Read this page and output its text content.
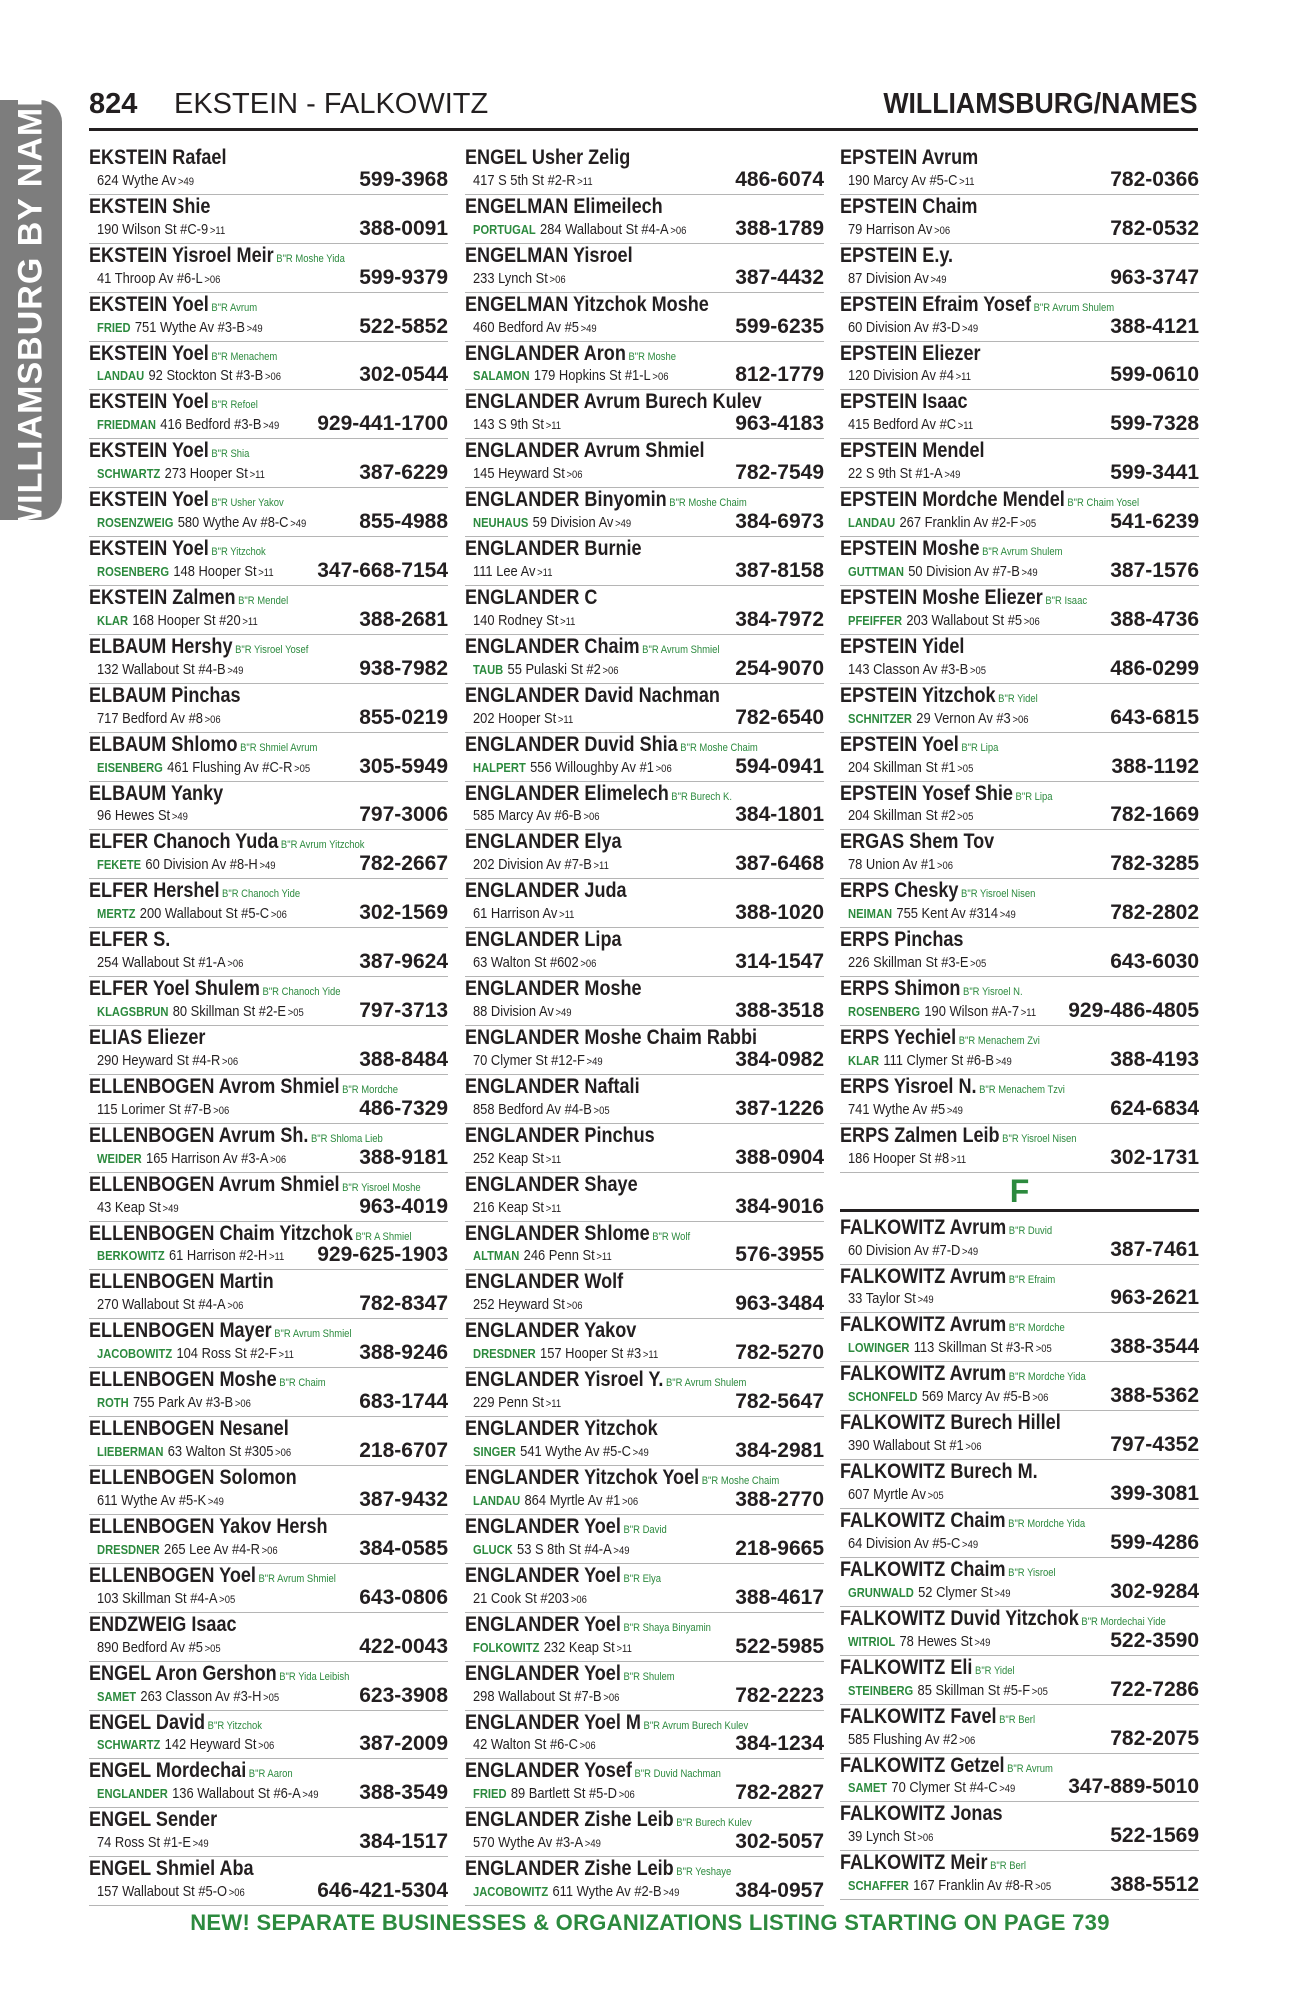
WILLIAMSBURG BY NAME 824 EKSTEIN - FALKOWITZ	WILLIAMSBURG/NAMES
EKSTEIN Rafael
624 Wythe Av >49	599-3968
EKSTEIN Shie
190 Wilson St #C-9 >11	388-0091
EKSTEIN Yisroel Meir B"R Moshe Yida
41 Throop Av #6-L >06	599-9379
EKSTEIN Yoel B"R Avrum
FRIED 751 Wythe Av #3-B >49	522-5852
EKSTEIN Yoel B"R Menachem
LANDAU 92 Stockton St #3-B >06	302-0544
EKSTEIN Yoel B"R Refoel
FRIEDMAN 416 Bedford #3-B >49 929-441-1700
EKSTEIN Yoel B"R Shia
SCHWARTZ 273 Hooper St >11	387-6229
EKSTEIN Yoel B"R Usher Yakov
ROSENZWEIG 580 Wythe Av #8-C >49	855-4988
EKSTEIN Yoel B"R Yitzchok
ROSENBERG 148 Hooper St >11 347-668-7154
EKSTEIN Zalmen B"R Mendel
KLAR 168 Hooper St #20 >11	388-2681
ELBAUM Hershy B"R Yisroel Yosef
132 Wallabout St #4-B >49	938-7982
ELBAUM Pinchas
717 Bedford Av #8 >06	855-0219
ELBAUM Shlomo B"R Shmiel Avrum
EISENBERG 461 Flushing Av #C-R >05 305-5949
ELBAUM Yanky
96 Hewes St >49	797-3006
ELFER Chanoch Yuda B"R Avrum Yitzchok
FEKETE 60 Division Av #8-H >49	782-2667
ELFER Hershel B"R Chanoch Yide
MERTZ 200 Wallabout St #5-C >06	302-1569
ELFER S.
254 Wallabout St #1-A >06	387-9624
ELFER Yoel Shulem B"R Chanoch Yide
KLAGSBRUN 80 Skillman St #2-E >05	797-3713
ELIAS Eliezer
290 Heyward St #4-R >06	388-8484
ELLENBOGEN Avrom Shmiel B"R Mordche
115 Lorimer St #7-B >06	486-7329
ELLENBOGEN Avrum Sh. B"R Shloma Lieb
WEIDER 165 Harrison Av #3-A >06	388-9181
ELLENBOGEN Avrum Shmiel B"R Yisroel Moshe
43 Keap St >49	963-4019
ELLENBOGEN Chaim Yitzchok B"R A Shmiel
BERKOWITZ 61 Harrison #2-H >11 929-625-1903
ELLENBOGEN Martin
270 Wallabout St #4-A >06	782-8347
ELLENBOGEN Mayer B"R Avrum Shmiel
JACOBOWITZ 104 Ross St #2-F >11	388-9246
ELLENBOGEN Moshe B"R Chaim
ROTH 755 Park Av #3-B >06	683-1744
ELLENBOGEN Nesanel
LIEBERMAN 63 Walton St #305 >06	218-6707
ELLENBOGEN Solomon
611 Wythe Av #5-K >49	387-9432
ELLENBOGEN Yakov Hersh
DRESDNER 265 Lee Av #4-R >06	384-0585
ELLENBOGEN Yoel B"R Avrum Shmiel
103 Skillman St #4-A >05	643-0806
ENDZWEIG Isaac
890 Bedford Av #5 >05	422-0043
ENGEL Aron Gershon B"R Yida Leibish
SAMET 263 Classon Av #3-H >05	623-3908
ENGEL David B"R Yitzchok
SCHWARTZ 142 Heyward St >06	387-2009
ENGEL Mordechai B"R Aaron
ENGLANDER 136 Wallabout St #6-A >49 388-3549
ENGEL Sender
74 Ross St #1-E >49	384-1517
ENGEL Shmiel Aba
157 Wallabout St #5-O >06	646-421-5304
ENGEL Usher Zelig
417 S 5th St #2-R >11	486-6074
ENGELMAN Elimeilech
PORTUGAL 284 Wallabout St #4-A >06 388-1789
ENGELMAN Yisroel
233 Lynch St >06	387-4432
ENGELMAN Yitzchok Moshe
460 Bedford Av #5 >49	599-6235
ENGLANDER Aron B"R Moshe
SALAMON 179 Hopkins St #1-L >06	812-1779
ENGLANDER Avrum Burech Kulev
143 S 9th St >11	963-4183
ENGLANDER Avrum Shmiel
145 Heyward St >06	782-7549
ENGLANDER Binyomin B"R Moshe Chaim
NEUHAUS 59 Division Av >49	384-6973
ENGLANDER Burnie
111 Lee Av >11	387-8158
ENGLANDER C
140 Rodney St >11	384-7972
ENGLANDER Chaim B"R Avrum Shmiel
TAUB 55 Pulaski St #2 >06	254-9070
ENGLANDER David Nachman
202 Hooper St >11	782-6540
ENGLANDER Duvid Shia B"R Moshe Chaim
HALPERT 556 Willoughby Av #1 >06	594-0941
ENGLANDER Elimelech B"R Burech K.
585 Marcy Av #6-B >06	384-1801
ENGLANDER Elya
202 Division Av #7-B >11	387-6468
ENGLANDER Juda
61 Harrison Av >11	388-1020
ENGLANDER Lipa
63 Walton St #602 >06	314-1547
ENGLANDER Moshe
88 Division Av >49	388-3518
ENGLANDER Moshe Chaim Rabbi
70 Clymer St #12-F >49	384-0982
ENGLANDER Naftali
858 Bedford Av #4-B >05	387-1226
ENGLANDER Pinchus
252 Keap St >11	388-0904
ENGLANDER Shaye
216 Keap St >11	384-9016
ENGLANDER Shlome B"R Wolf
ALTMAN 246 Penn St >11	576-3955
ENGLANDER Wolf
252 Heyward St >06	963-3484
ENGLANDER Yakov
DRESDNER 157 Hooper St #3 >11	782-5270
ENGLANDER Yisroel Y. B"R Avrum Shulem
229 Penn St >11	782-5647
ENGLANDER Yitzchok
SINGER 541 Wythe Av #5-C >49	384-2981
ENGLANDER Yitzchok Yoel B"R Moshe Chaim
LANDAU 864 Myrtle Av #1 >06	388-2770
ENGLANDER Yoel B"R David
GLUCK 53 S 8th St #4-A >49	218-9665
ENGLANDER Yoel B"R Elya
21 Cook St #203 >06	388-4617
ENGLANDER Yoel B"R Shaya Binyamin
FOLKOWITZ 232 Keap St >11	522-5985
ENGLANDER Yoel B"R Shulem
298 Wallabout St #7-B >06	782-2223
ENGLANDER Yoel M B"R Avrum Burech Kulev
42 Walton St #6-C >06	384-1234
ENGLANDER Yosef B"R Duvid Nachman
FRIED 89 Bartlett St #5-D >06	782-2827
ENGLANDER Zishe Leib B"R Burech Kulev
570 Wythe Av #3-A >49	302-5057
ENGLANDER Zishe Leib B"R Yeshaye
JACOBOWITZ 611 Wythe Av #2-B >49	384-0957
EPSTEIN Avrum
190 Marcy Av #5-C >11	782-0366
EPSTEIN Chaim
79 Harrison Av >06	782-0532
EPSTEIN E.y.
87 Division Av >49	963-3747
EPSTEIN Efraim Yosef B"R Avrum Shulem
60 Division Av #3-D >49	388-4121
EPSTEIN Eliezer
120 Division Av #4 >11	599-0610
EPSTEIN Isaac
415 Bedford Av #C >11	599-7328
EPSTEIN Mendel
22 S 9th St #1-A >49	599-3441
EPSTEIN Mordche Mendel B"R Chaim Yosel
LANDAU 267 Franklin Av #2-F >05	541-6239
EPSTEIN Moshe B"R Avrum Shulem
GUTTMAN 50 Division Av #7-B >49	387-1576
EPSTEIN Moshe Eliezer B"R Isaac
PFEIFFER 203 Wallabout St #5 >06	388-4736
EPSTEIN Yidel
143 Classon Av #3-B >05	486-0299
EPSTEIN Yitzchok B"R Yidel
SCHNITZER 29 Vernon Av #3 >06	643-6815
EPSTEIN Yoel B"R Lipa
204 Skillman St #1 >05	388-1192
EPSTEIN Yosef Shie B"R Lipa
204 Skillman St #2 >05	782-1669
ERGAS Shem Tov
78 Union Av #1 >06	782-3285
ERPS Chesky B"R Yisroel Nisen
NEIMAN 755 Kent Av #314 >49	782-2802
ERPS Pinchas
226 Skillman St #3-E >05	643-6030
ERPS Shimon B"R Yisroel N.
ROSENBERG 190 Wilson #A-7 >11 929-486-4805
ERPS Yechiel B"R Menachem Zvi
KLAR 111 Clymer St #6-B >49	388-4193
ERPS Yisroel N. B"R Menachem Tzvi
741 Wythe Av #5 >49	624-6834
ERPS Zalmen Leib B"R Yisroel Nisen
186 Hooper St #8 >11	302-1731
F
FALKOWITZ Avrum B"R Duvid
60 Division Av #7-D >49	387-7461
FALKOWITZ Avrum B"R Efraim
33 Taylor St >49	963-2621
FALKOWITZ Avrum B"R Mordche
LOWINGER 113 Skillman St #3-R >05	388-3544
FALKOWITZ Avrum B"R Mordche Yida
SCHONFELD 569 Marcy Av #5-B >06	388-5362
FALKOWITZ Burech Hillel
390 Wallabout St #1 >06	797-4352
FALKOWITZ Burech M.
607 Myrtle Av >05	399-3081
FALKOWITZ Chaim B"R Mordche Yida
64 Division Av #5-C >49	599-4286
FALKOWITZ Chaim B"R Yisroel
GRUNWALD 52 Clymer St >49	302-9284
FALKOWITZ Duvid Yitzchok B"R Mordechai Yide
WITRIOL 78 Hewes St >49	522-3590
FALKOWITZ Eli B"R Yidel
STEINBERG 85 Skillman St #5-F >05	722-7286
FALKOWITZ Favel B"R Berl
585 Flushing Av #2 >06	782-2075
FALKOWITZ Getzel B"R Avrum
SAMET 70 Clymer St #4-C >49	347-889-5010
FALKOWITZ Jonas
39 Lynch St >06	522-1569
FALKOWITZ Meir B"R Berl
SCHAFFER 167 Franklin Av #8-R >05	388-5512
NEW! SEPARATE BUSINESSES & ORGANIZATIONS LISTING STARTING ON PAGE 739
